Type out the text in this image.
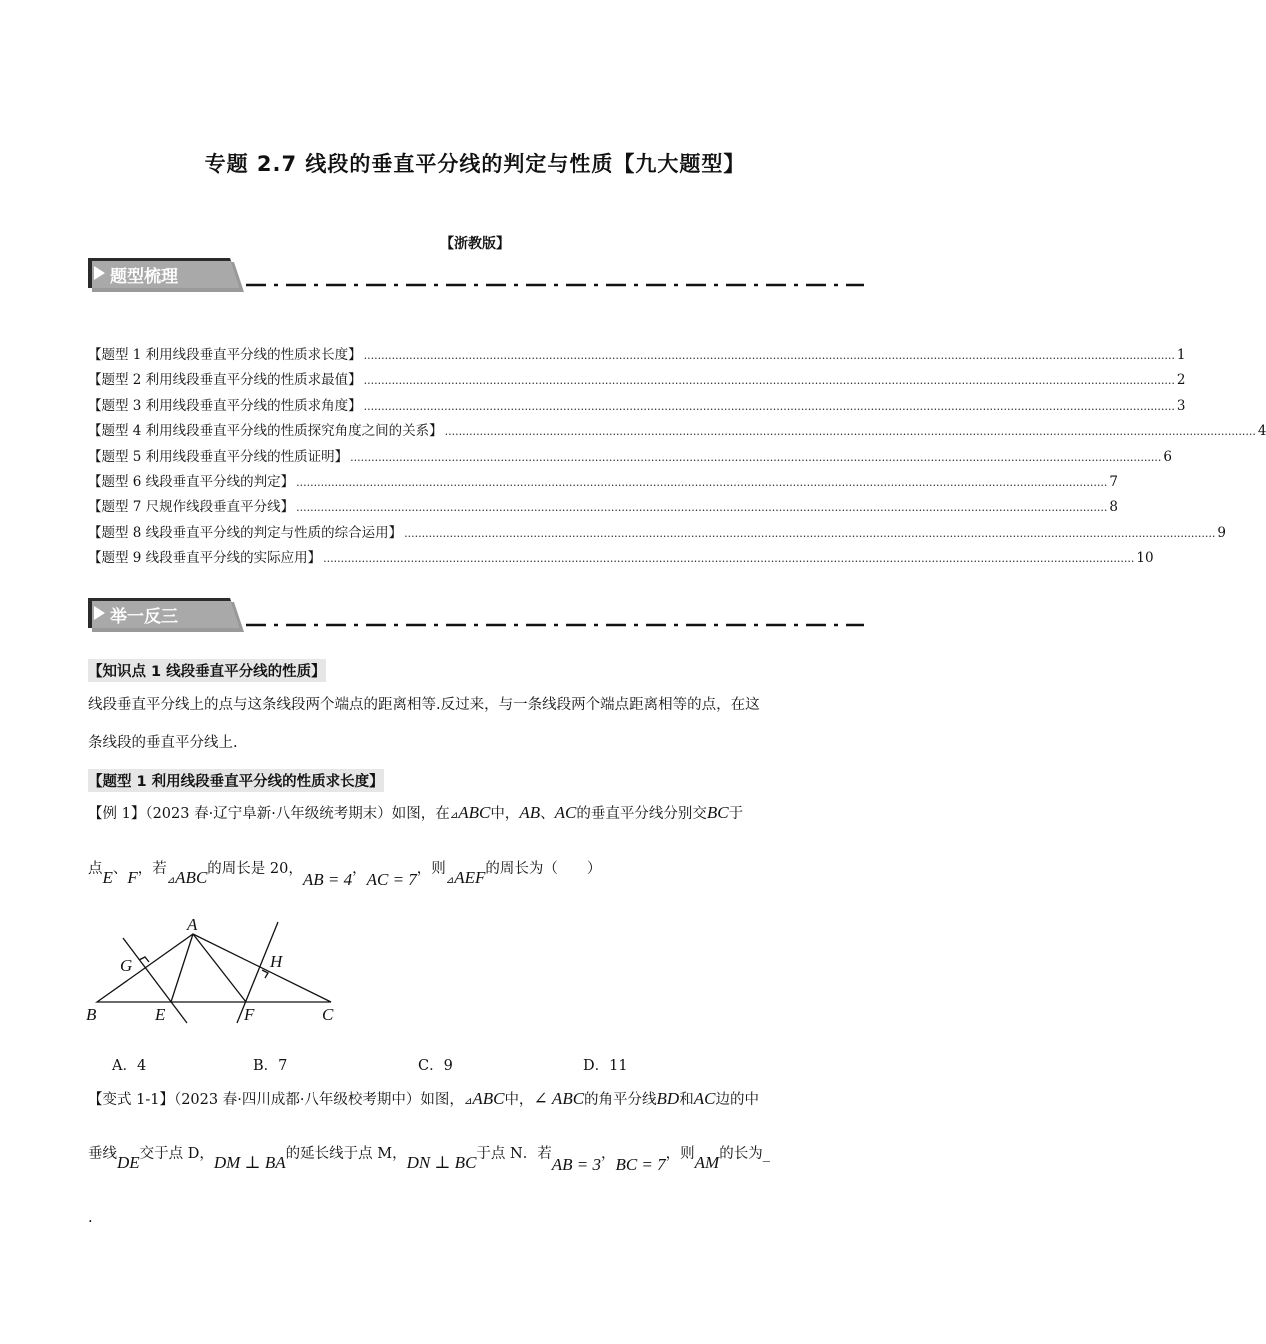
专题 2.7 线段的垂直平分线的判定与性质【九大题型】
【浙教版】
题型梳理
【题型 1 利用线段垂直平分线的性质求长度】 ........................................................................................................................................................................................................................................ 1
【题型 2 利用线段垂直平分线的性质求最值】 ........................................................................................................................................................................................................................................ 2
【题型 3 利用线段垂直平分线的性质求角度】 ........................................................................................................................................................................................................................................ 3
【题型 4 利用线段垂直平分线的性质探究角度之间的关系】 ........................................................................................................................................................................................................................................ 4
【题型 5 利用线段垂直平分线的性质证明】 ........................................................................................................................................................................................................................................ 6
【题型 6 线段垂直平分线的判定】 ........................................................................................................................................................................................................................................ 7
【题型 7 尺规作线段垂直平分线】 ........................................................................................................................................................................................................................................ 8
【题型 8 线段垂直平分线的判定与性质的综合运用】 ........................................................................................................................................................................................................................................ 9
【题型 9 线段垂直平分线的实际应用】 ........................................................................................................................................................................................................................................ 10
举一反三
【知识点 1 线段垂直平分线的性质】
线段垂直平分线上的点与这条线段两个端点的距离相等.反过来，与一条线段两个端点距离相等的点，在这
条线段的垂直平分线上.
【题型 1 利用线段垂直平分线的性质求长度】
【例 1】（2023 春·辽宁阜新·八年级统考期末）如图，在⊿ABC中，AB、AC的垂直平分线分别交BC于
点E、F，若$_⊿$ABC的周长是 20，AB = 4，AC = 7，则$_⊿$AEF的周长为（　　）
A
G	H
B	E	F	C
A．4	B．7	C．9	D．11
【变式 1-1】（2023 春·四川成都·八年级校考期中）如图，⊿ABC中，∠ ABC的角平分线BD和AC边的中
垂线DE交于点 D，DM ⊥ BA的延长线于点 M，DN ⊥ BC于点 N．若AB = 3，BC = 7，则AM的长为_
.
